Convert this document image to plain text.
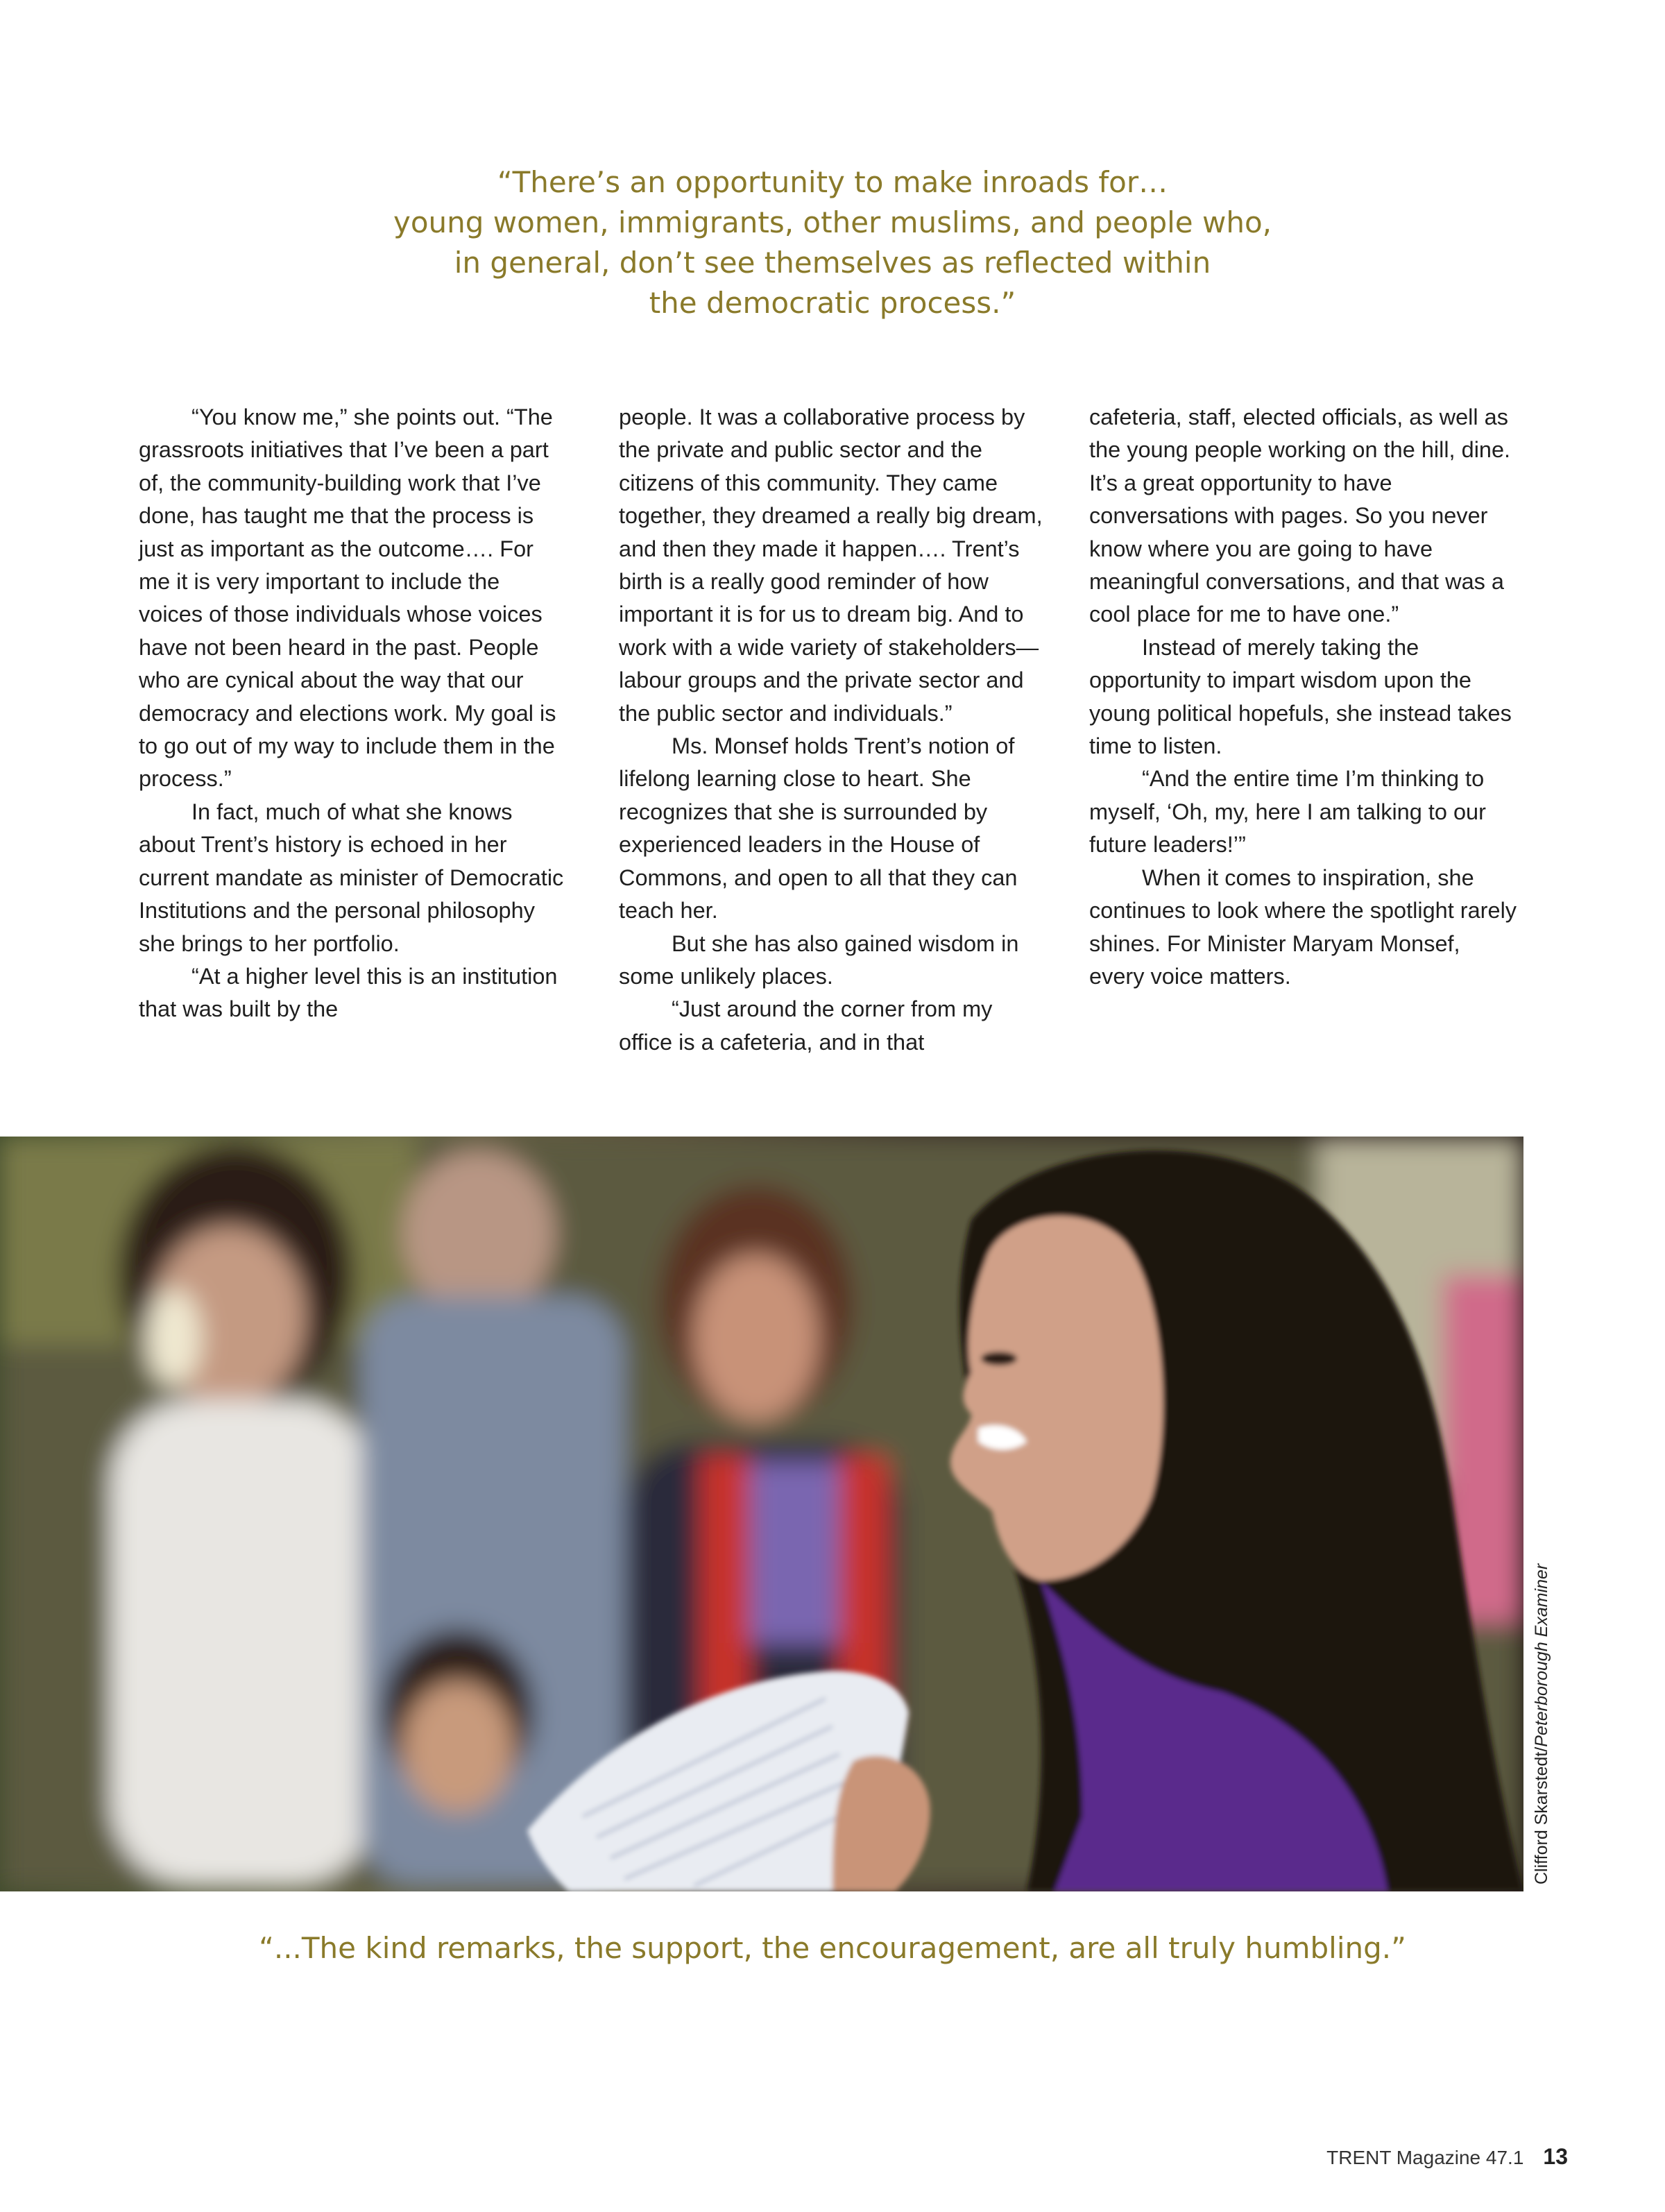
“There’s an opportunity to make inroads for…
young women, immigrants, other muslims, and people who,
in general, don’t see themselves as reflected within
the democratic process.”

“You know me,” she points out. “The grassroots initiatives that I’ve been a part of, the community-building work that I’ve done, has taught me that the process is just as important as the outcome…. For me it is very important to include the voices of those individuals whose voices have not been heard in the past. People who are cynical about the way that our democracy and elections work. My goal is to go out of my way to include them in the process.”

In fact, much of what she knows about Trent’s history is echoed in her current mandate as minister of Democratic Institutions and the personal philosophy she brings to her portfolio.

“At a higher level this is an institution that was built by the

people. It was a collaborative process by the private and public sector and the citizens of this community. They came together, they dreamed a really big dream, and then they made it happen…. Trent’s birth is a really good reminder of how important it is for us to dream big. And to work with a wide variety of stakeholders—labour groups and the private sector and the public sector and individuals.”

Ms. Monsef holds Trent’s notion of lifelong learning close to heart. She recognizes that she is surrounded by experienced leaders in the House of Commons, and open to all that they can teach her.

But she has also gained wisdom in some unlikely places.

“Just around the corner from my office is a cafeteria, and in that

cafeteria, staff, elected officials, as well as the young people working on the hill, dine. It’s a great opportunity to have conversations with pages. So you never know where you are going to have meaningful conversations, and that was a cool place for me to have one.”

Instead of merely taking the opportunity to impart wisdom upon the young political hopefuls, she instead takes time to listen.

“And the entire time I’m thinking to myself, ‘Oh, my, here I am talking to our future leaders!’”

When it comes to inspiration, she continues to look where the spotlight rarely shines. For Minister Maryam Monsef, every voice matters.

Clifford Skarstedt/Peterborough Examiner
“...The kind remarks, the support, the encouragement, are all truly humbling.”
TRENT Magazine 47.1 13
